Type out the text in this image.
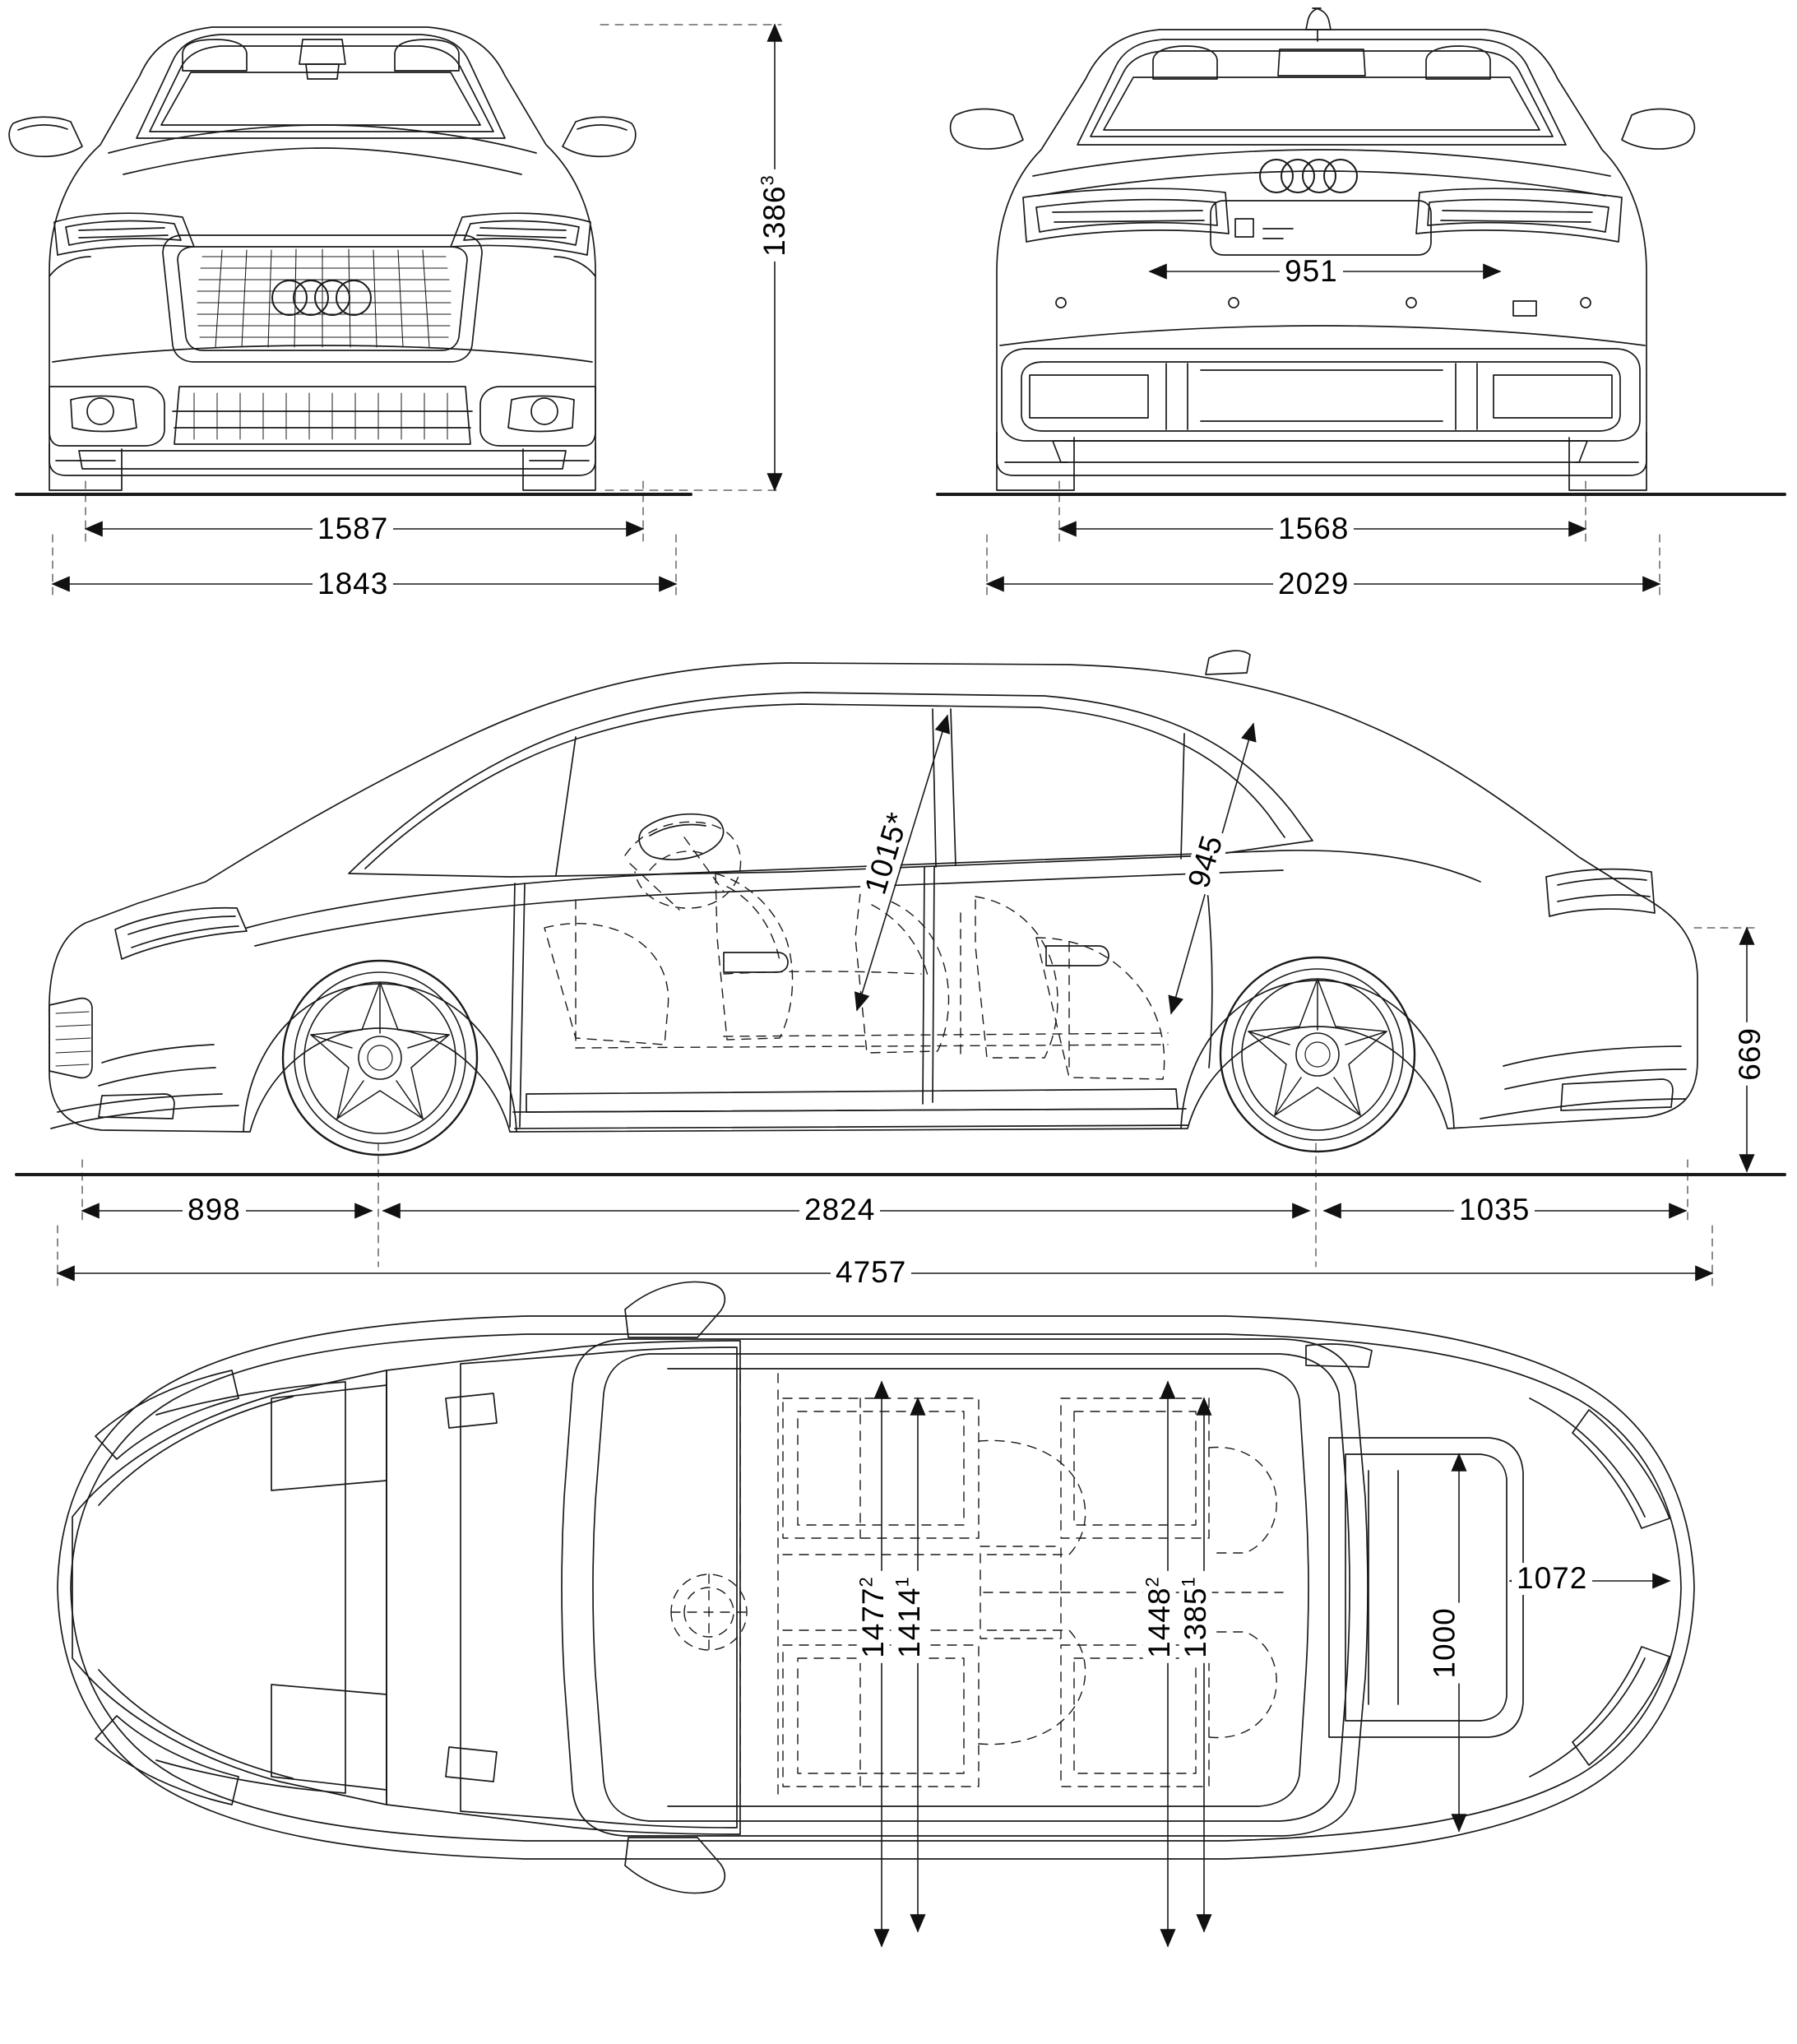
1386$^3$
1587
1843
951
1568
2029
1015*	945
669
898	2824	1035
4757
1477$^2$
1414$^1$
1448$^2$
1385$^1$
1000
1072
